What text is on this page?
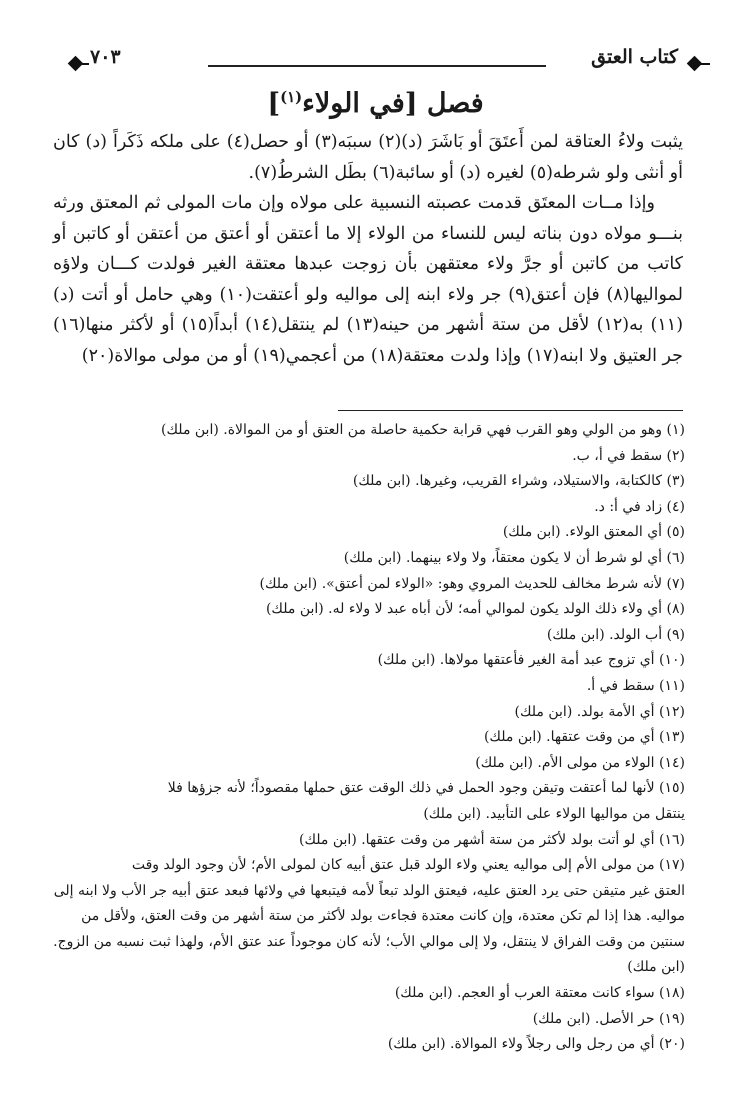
كتاب العتق
٧٠٣
فصل [في الولاء$^{(١)}$]

يثبت ولاءُ العتاقة لمن أَعتَقَ أو بَاشَرَ (د)(٢) سببَه(٣) أو حصل(٤) على ملكه ذَكَراً (د) كان أو أنثى ولو شرطه(٥) لغيره (د) أو سائبة(٦) بطَل الشرطُ(٧).

وإذا مــات المعتَق قدمت عصبته النسبية على مولاه وإن مات المولى ثم المعتق ورثه بنـــو مولاه دون بناته ليس للنساء من الولاء إلا ما أعتقن أو أعتق من أعتقن أو كاتبن أو كاتب من كاتبن أو جرَّ ولاء معتقهن بأن زوجت عبدها معتقة الغير فولدت كـــان ولاؤه لمواليها(٨) فإن أعتق(٩) جر ولاء ابنه إلى مواليه ولو أعتقت(١٠) وهي حامل أو أتت (د)(١١) به(١٢) لأقل من ستة أشهر من حينه(١٣) لم ينتقل(١٤) أبداً(١٥) أو لأكثر منها(١٦) جر العتيق ولا ابنه(١٧) وإذا ولدت معتقة(١٨) من أعجمي(١٩) أو من مولى موالاة(٢٠)

(١) وهو من الولي وهو القرب فهي قرابة حكمية حاصلة من العتق أو من الموالاة. (ابن ملك)

(٢) سقط في أ، ب.

(٣) كالكتابة، والاستيلاد، وشراء القريب، وغيرها. (ابن ملك)

(٤) زاد في أ: د.

(٥) أي المعتق الولاء. (ابن ملك)

(٦) أي لو شرط أن لا يكون معتقاً، ولا ولاء بينهما. (ابن ملك)

(٧) لأنه شرط مخالف للحديث المروي وهو: «الولاء لمن أعتق». (ابن ملك)

(٨) أي ولاء ذلك الولد يكون لموالي أمه؛ لأن أباه عبد لا ولاء له. (ابن ملك)

(٩) أب الولد. (ابن ملك)

(١٠) أي تزوج عبد أمة الغير فأعتقها مولاها. (ابن ملك)

(١١) سقط في أ.

(١٢) أي الأمة بولد. (ابن ملك)

(١٣) أي من وقت عتقها. (ابن ملك)

(١٤) الولاء من مولى الأم. (ابن ملك)

(١٥) لأنها لما أعتقت وتيقن وجود الحمل في ذلك الوقت عتق حملها مقصوداً؛ لأنه جزؤها فلا
ينتقل من مواليها الولاء على التأبيد. (ابن ملك)

(١٦) أي لو أتت بولد لأكثر من ستة أشهر من وقت عتقها. (ابن ملك)

(١٧) من مولى الأم إلى مواليه يعني ولاء الولد قبل عتق أبيه كان لمولى الأم؛ لأن وجود الولد وقت
العتق غير متيقن حتى يرد العتق عليه، فيعتق الولد تبعاً لأمه فيتبعها في ولائها فبعد عتق أبيه جر الأب ولا ابنه إلى مواليه. هذا إذا لم تكن معتدة، وإن كانت معتدة فجاءت بولد لأكثر من ستة أشهر من وقت العتق، ولأقل من سنتين من وقت الفراق لا ينتقل، ولا إلى موالي الأب؛ لأنه كان موجوداً عند عتق الأم، ولهذا ثبت نسبه من الزوج. (ابن ملك)

(١٨) سواء كانت معتقة العرب أو العجم. (ابن ملك)

(١٩) حر الأصل. (ابن ملك)

(٢٠) أي من رجل والى رجلاً ولاء الموالاة. (ابن ملك)
